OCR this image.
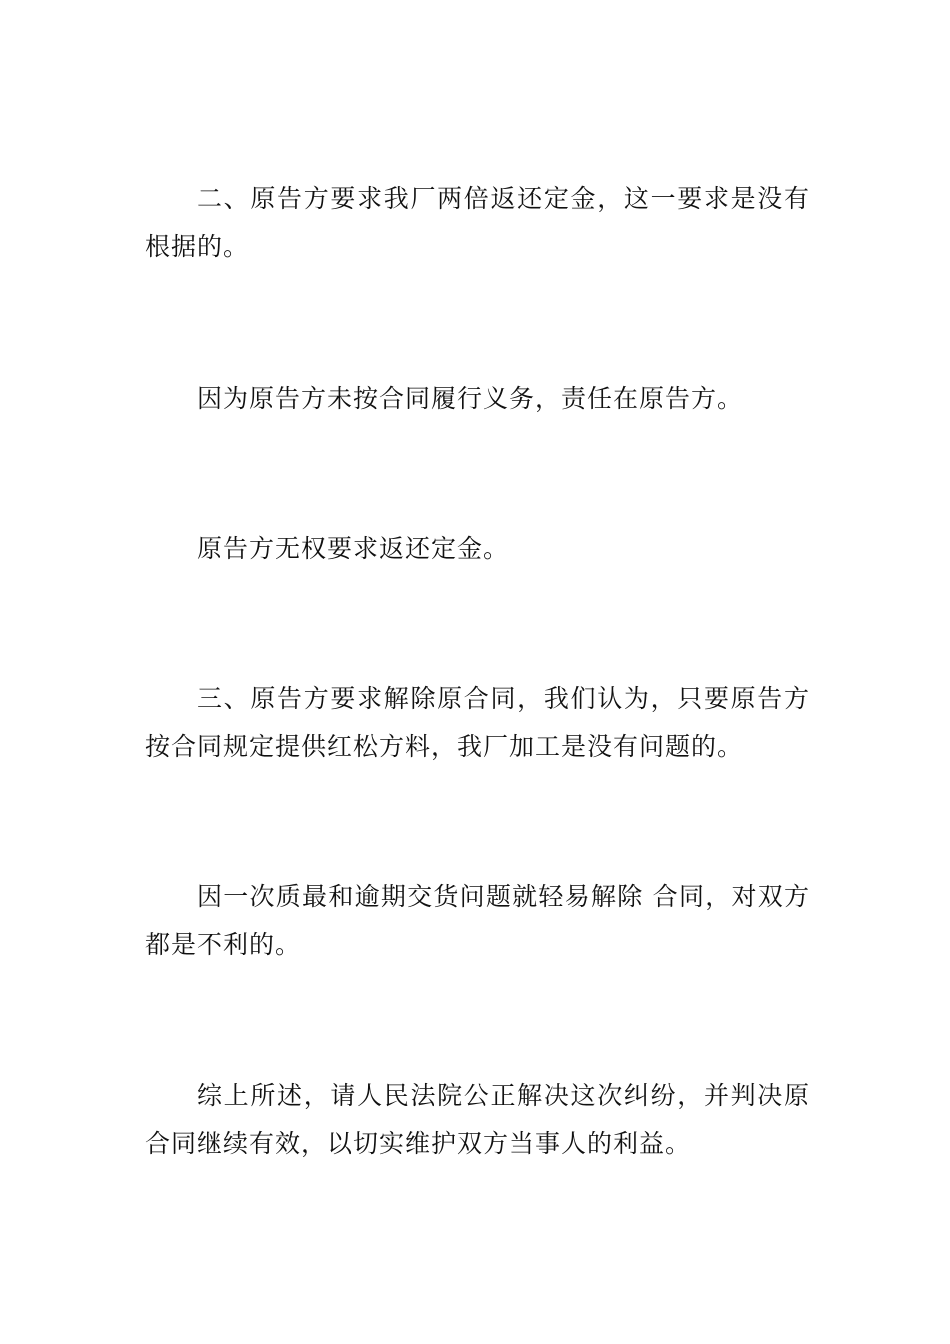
二、原告方要求我厂两倍返还定金，这一要求是没有根据的。

因为原告方未按合同履行义务，责任在原告方。

原告方无权要求返还定金。

三、原告方要求解除原合同，我们认为，只要原告方按合同规定提供红松方料，我厂加工是没有问题的。

因一次质最和逾期交货问题就轻易解除 合同，对双方都是不利的。

综上所述，请人民法院公正解决这次纠纷，并判决原合同继续有效，以切实维护双方当事人的利益。
